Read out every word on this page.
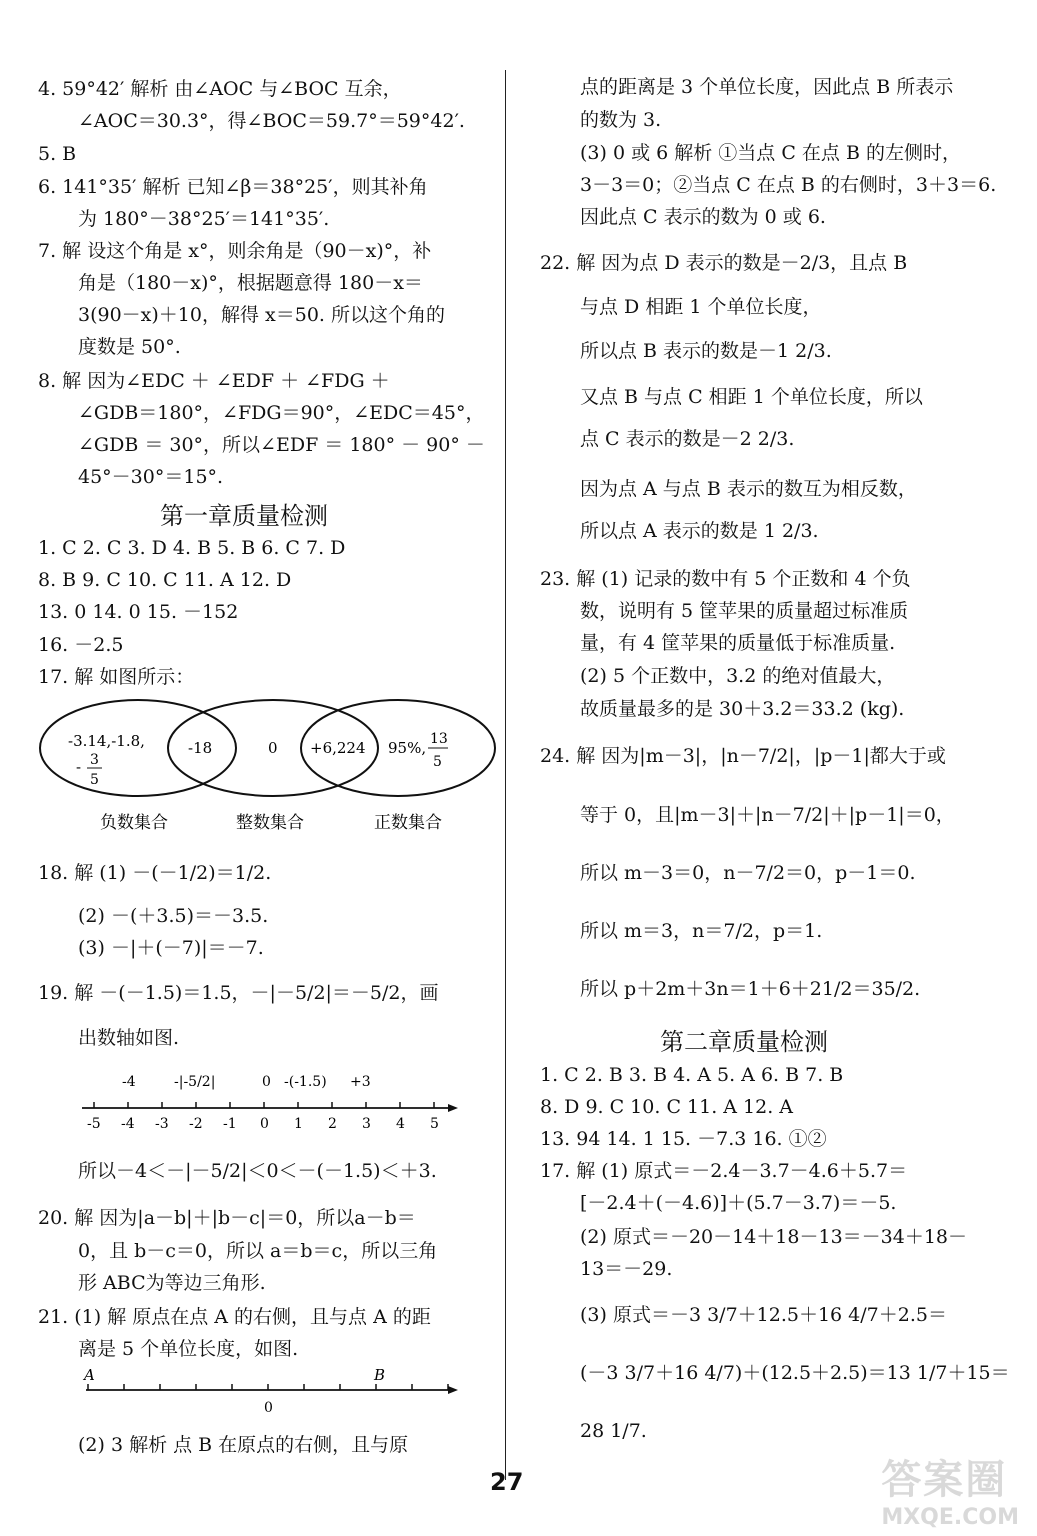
4. 59°42′ 解析 由∠AOC 与∠BOC 互余，
∠AOC＝30.3°，得∠BOC＝59.7°＝59°42′.
5. B
6. 141°35′ 解析 已知∠β＝38°25′，则其补角
为 180°－38°25′＝141°35′.
7. 解 设这个角是 x°，则余角是（90－x)°，补
角是（180－x)°，根据题意得 180－x＝
3(90－x)＋10，解得 x＝50. 所以这个角的
度数是 50°.
8. 解 因为∠EDC ＋ ∠EDF ＋ ∠FDG ＋
∠GDB＝180°，∠FDG＝90°，∠EDC＝45°，
∠GDB ＝ 30°，所以∠EDF ＝ 180° － 90° －
45°－30°＝15°.
第一章质量检测
1. C 2. C 3. D 4. B 5. B 6. C 7. D
8. B 9. C 10. C 11. A 12. D
13. 0 14. 0 15. －152
16. －2.5
17. 解 如图所示：
-3.14,-1.8,
- 3
5
-18	0 +6,224 95%, 13
5
负数集合	整数集合	正数集合
18. 解 (1) －(－1/2)＝1/2.
(2) －(＋3.5)＝－3.5.
(3) －|＋(－7)|＝－7.
19. 解 －(－1.5)＝1.5，－|－5/2|＝－5/2，画
出数轴如图.
-4	-|-5/2|	0 -(-1.5) +3
-5 -4 -3 -2 -1 0 1 2 3 4 5
所以－4＜－|－5/2|＜0＜－(－1.5)＜＋3.
20. 解 因为|a－b|＋|b－c|＝0，所以a－b＝
0，且 b－c＝0，所以 a＝b＝c，所以三角
形 ABC为等边三角形.
21. (1) 解 原点在点 A 的右侧，且与点 A 的距
离是 5 个单位长度，如图.
A	B
0
(2) 3 解析 点 B 在原点的右侧，且与原
点的距离是 3 个单位长度，因此点 B 所表示
的数为 3.
(3) 0 或 6 解析 ①当点 C 在点 B 的左侧时，
3－3＝0；②当点 C 在点 B 的右侧时，3＋3＝6.
因此点 C 表示的数为 0 或 6.
22. 解 因为点 D 表示的数是－2/3，且点 B
与点 D 相距 1 个单位长度，
所以点 B 表示的数是－1 2/3.
又点 B 与点 C 相距 1 个单位长度，所以
点 C 表示的数是－2 2/3.
因为点 A 与点 B 表示的数互为相反数，
所以点 A 表示的数是 1 2/3.
23. 解 (1) 记录的数中有 5 个正数和 4 个负
数，说明有 5 筐苹果的质量超过标准质
量，有 4 筐苹果的质量低于标准质量.
(2) 5 个正数中，3.2 的绝对值最大，
故质量最多的是 30＋3.2＝33.2 (kg).
24. 解 因为|m－3|，|n－7/2|，|p－1|都大于或
等于 0，且|m－3|＋|n－7/2|＋|p－1|＝0，
所以 m－3＝0，n－7/2＝0，p－1＝0.
所以 m＝3，n＝7/2，p＝1.
所以 p＋2m＋3n＝1＋6＋21/2＝35/2.
第二章质量检测
1. C 2. B 3. B 4. A 5. A 6. B 7. B
8. D 9. C 10. C 11. A 12. A
13. 94 14. 1 15. －7.3 16. ①②
17. 解 (1) 原式＝－2.4－3.7－4.6＋5.7＝
[－2.4＋(－4.6)]＋(5.7－3.7)＝－5.
(2) 原式＝－20－14＋18－13＝－34＋18－
13＝－29.
(3) 原式＝－3 3/7＋12.5＋16 4/7＋2.5＝
(－3 3/7＋16 4/7)＋(12.5＋2.5)＝13 1/7＋15＝
28 1/7.
27	答案圈
MXQE.COM
